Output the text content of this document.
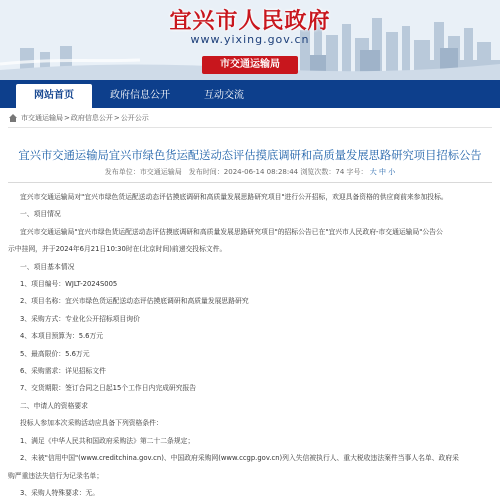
宜兴市人民政府
www.yixing.gov.cn
市交通运输局
网站首页	政府信息公开	互动交流
市交通运输局 > 政府信息公开 > 公开公示
宜兴市交通运输局宜兴市绿色货运配送动态评估摸底调研和高质量发展思路研究项目招标公告
发布单位：市交通运输局　发布时间：2024-06-14 08:28:44 浏览次数：74 字号： 大 中 小

宜兴市交通运输局对"宜兴市绿色货运配送动态评估摸底调研和高质量发展思路研究项目"进行公开招标，欢迎具备资格的供应商前来参加投标。

一、项目情况

宜兴市交通运输局"宜兴市绿色货运配送动态评估摸底调研和高质量发展思路研究项目"的招标公告已在"宜兴市人民政府-市交通运输局"公告公

示中挂网，并于2024年6月21日10:30时在(北京时间)前递交投标文件。

一、项目基本情况

1、项目编号：WJLT-2024S005

2、项目名称：宜兴市绿色货运配送动态评估摸底调研和高质量发展思路研究

3、采购方式：专业化公开招标项目询价

4、本项目预算为：5.6万元

5、最高限价：5.6万元

6、采购需求：详见招标文件

7、交货期限：签订合同之日起15个工作日内完成研究报告

二、申请人的资格要求

投标人参加本次采购活动应具备下列资格条件：

1、满足《中华人民共和国政府采购法》第二十二条规定；

2、未被"信用中国"(www.creditchina.gov.cn)、中国政府采购网(www.ccgp.gov.cn)列入失信被执行人、重大税收违法案件当事人名单、政府采

购严重违法失信行为记录名单；

3、采购人特殊要求：无。
